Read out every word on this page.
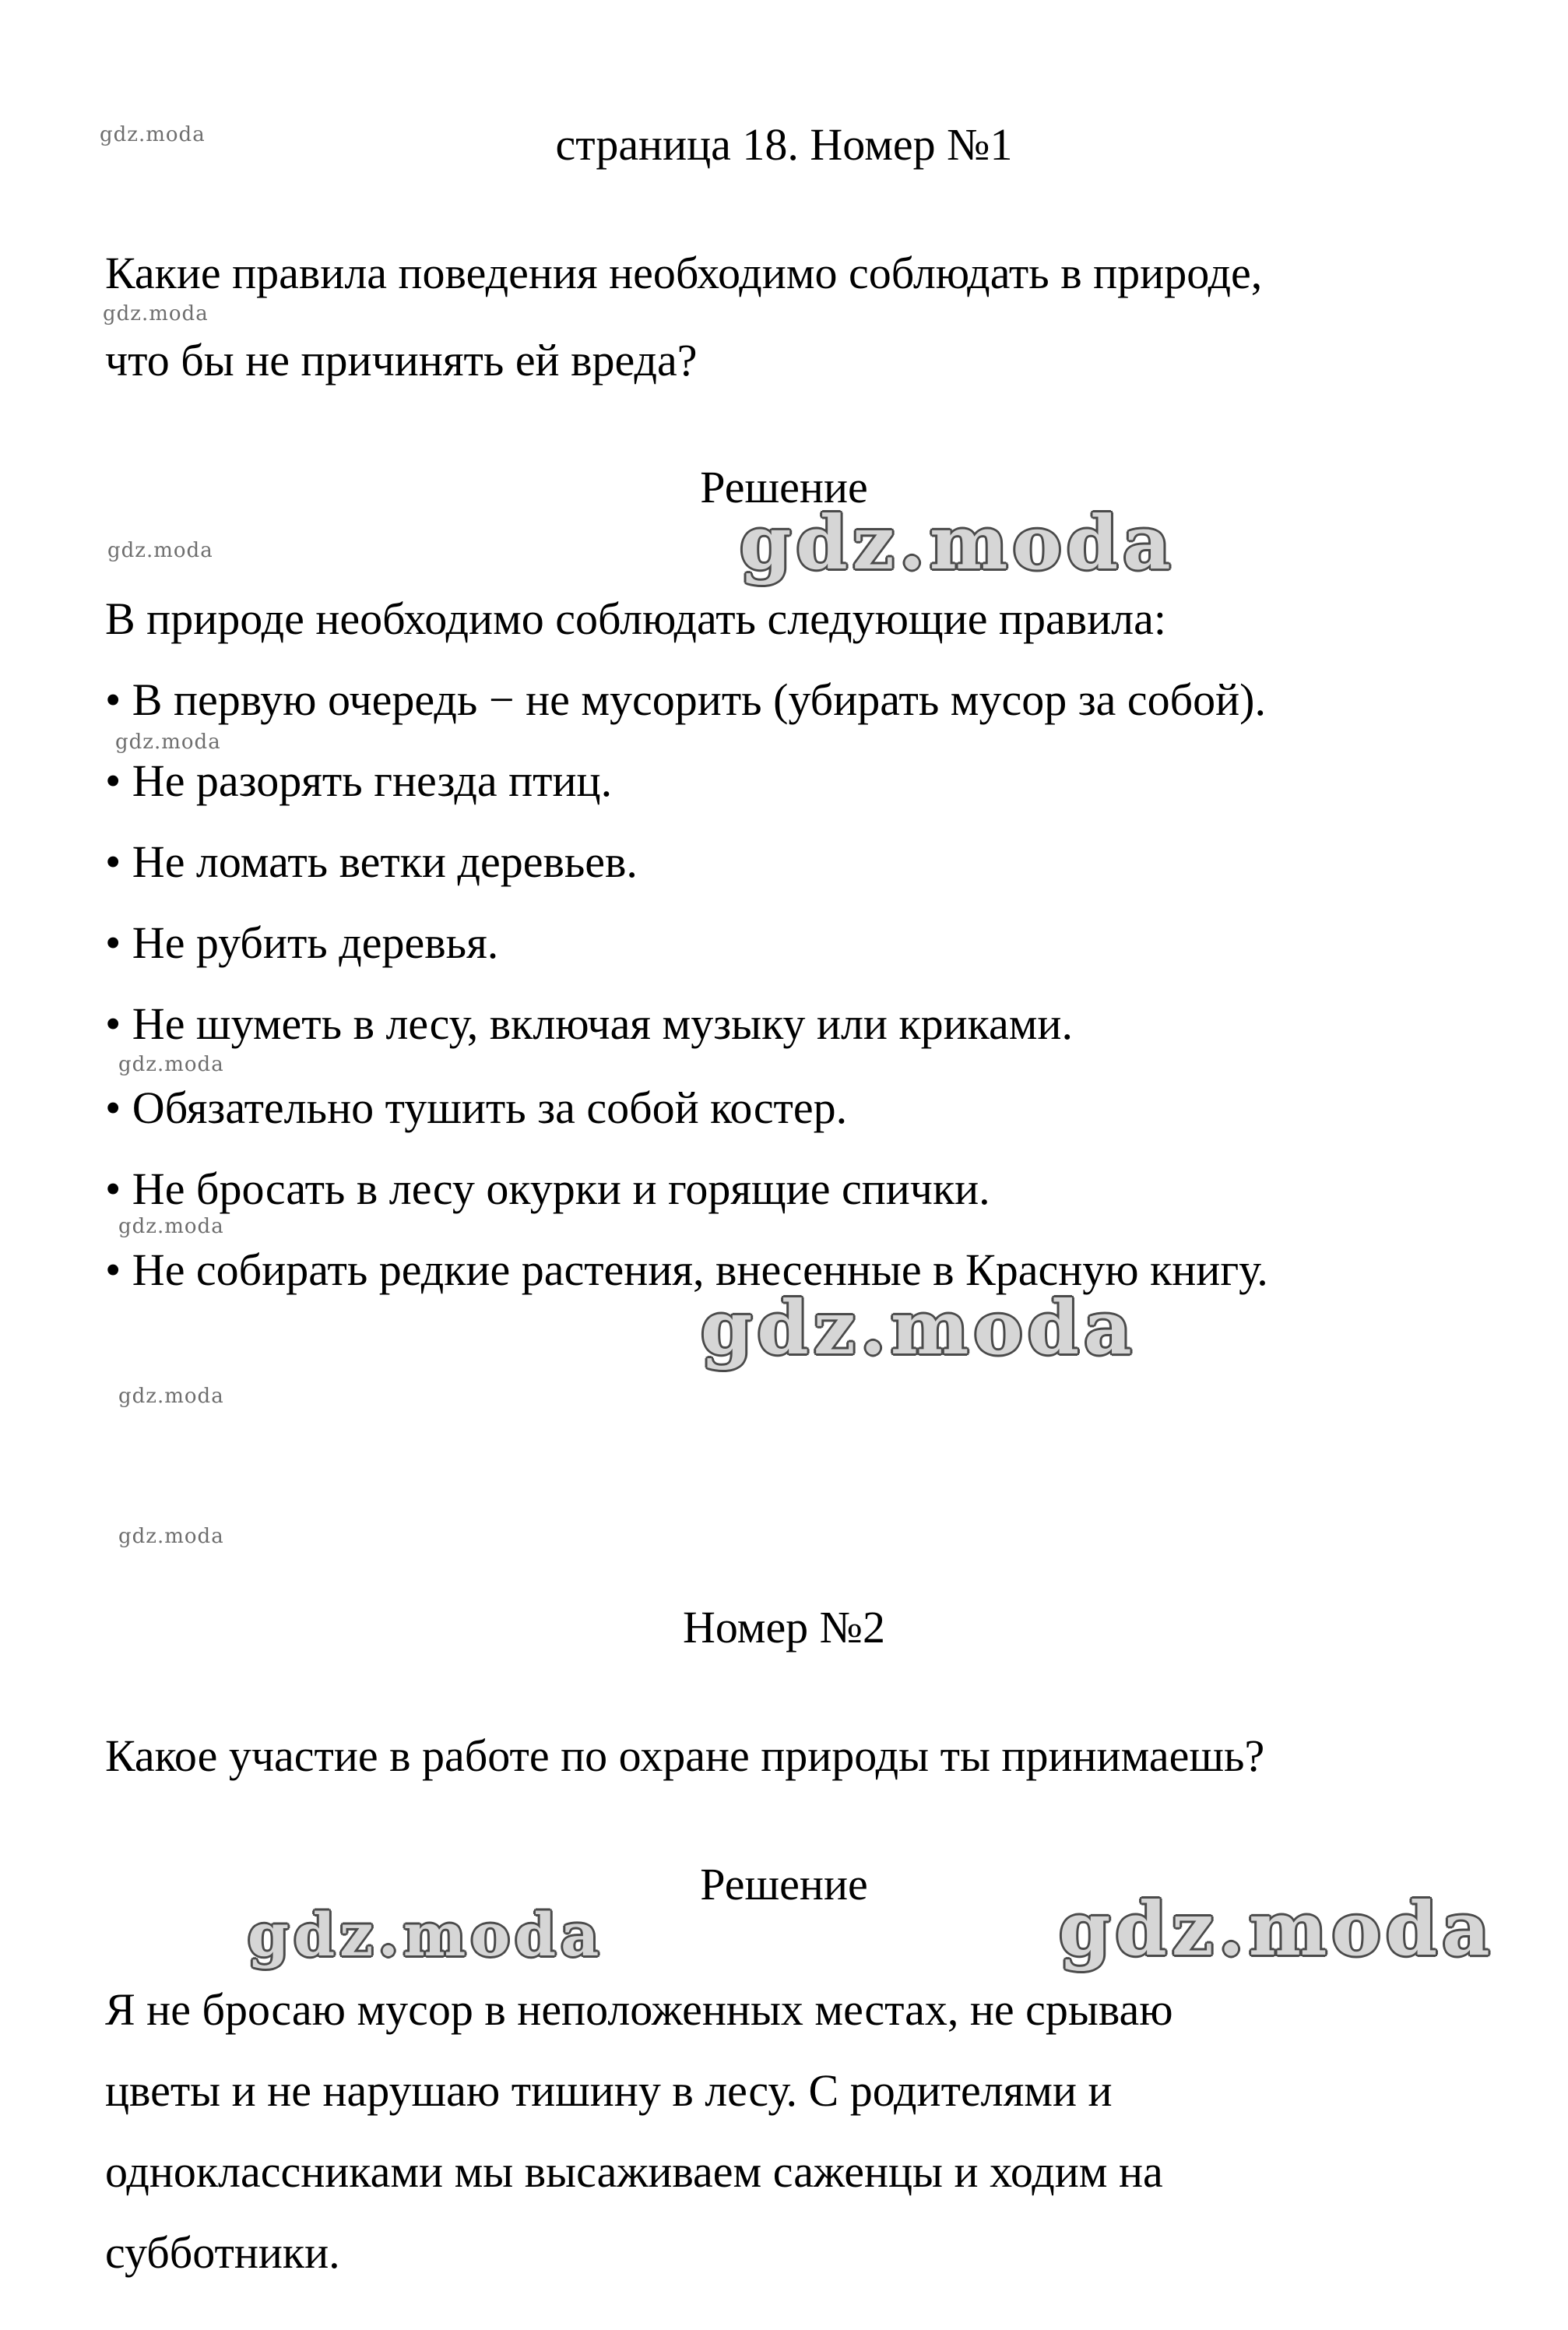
gdz.moda
gdz.moda
gdz.moda
gdz.moda
gdz.moda
gdz.moda
gdz.moda
gdz.moda
страница 18. Номер №1
Какие правила поведения необходимо соблюдать в природе,
что бы не причинять ей вреда?
Решение
gdz.moda
В природе необходимо соблюдать следующие правила:
• В первую очередь − не мусорить (убирать мусор за собой).
• Не разорять гнезда птиц.
• Не ломать ветки деревьев.
• Не рубить деревья.
• Не шуметь в лесу, включая музыку или криками.
• Обязательно тушить за собой костер.
• Не бросать в лесу окурки и горящие спички.
• Не собирать редкие растения, внесенные в Красную книгу.
gdz.moda
Номер №2
Какое участие в работе по охране природы ты принимаешь?
Решение
gdz.moda	gdz.moda
Я не бросаю мусор в неположенных местах, не срываю
цветы и не нарушаю тишину в лесу. С родителями и
одноклассниками мы высаживаем саженцы и ходим на
субботники.
